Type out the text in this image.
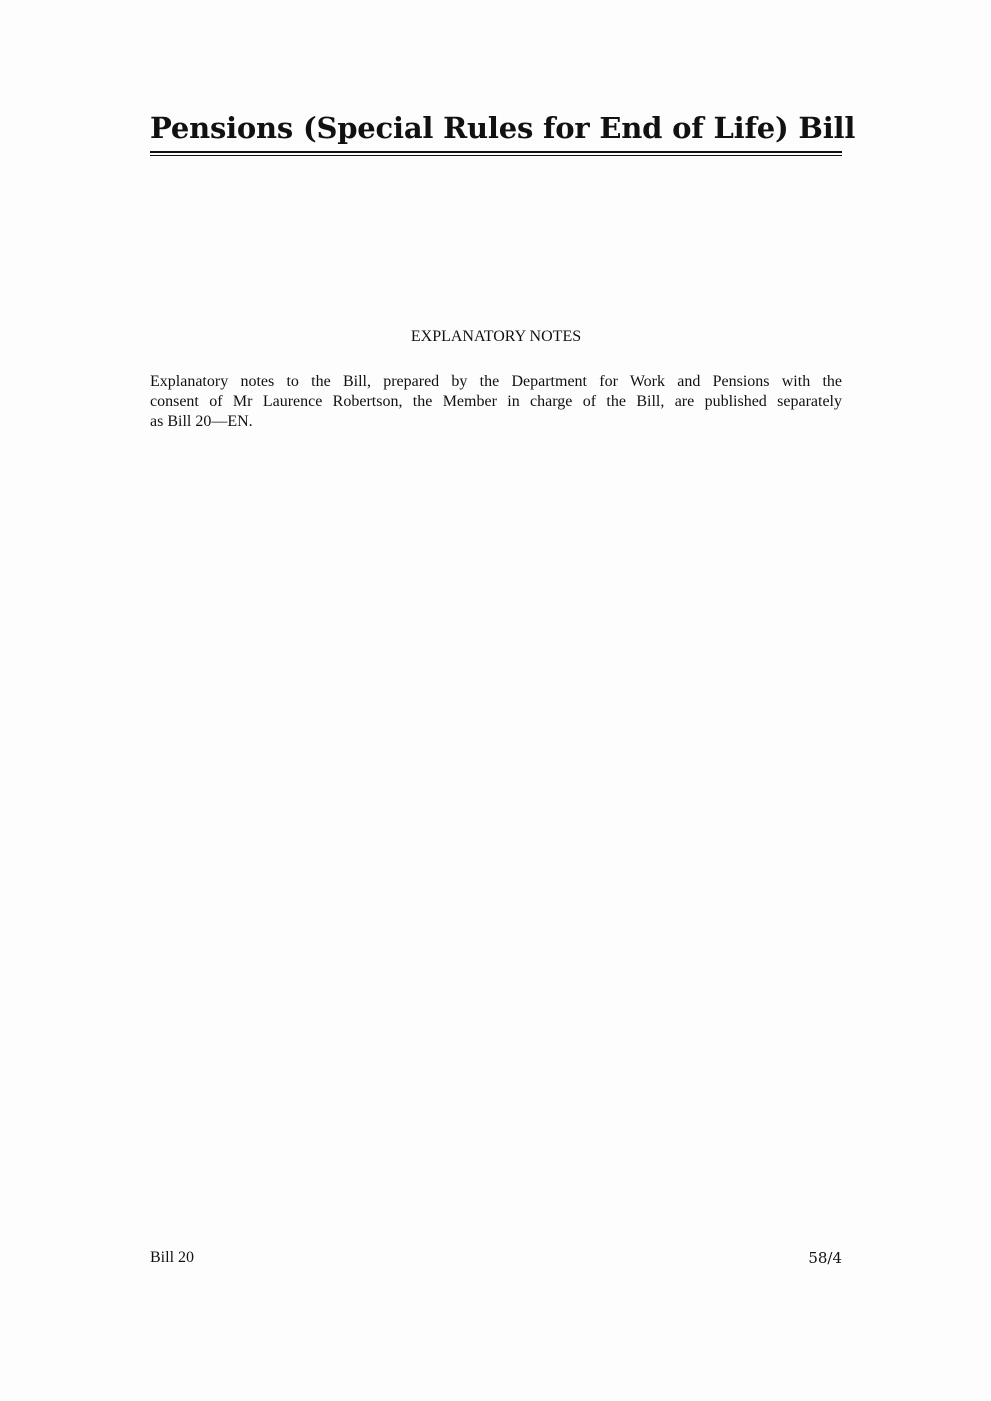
Pensions (Special Rules for End of Life) Bill
EXPLANATORY NOTES
Explanatory notes to the Bill, prepared by the Department for Work and Pensions with the
consent of Mr Laurence Robertson, the Member in charge of the Bill, are published separately
as Bill 20—EN.
Bill 20	58/4
